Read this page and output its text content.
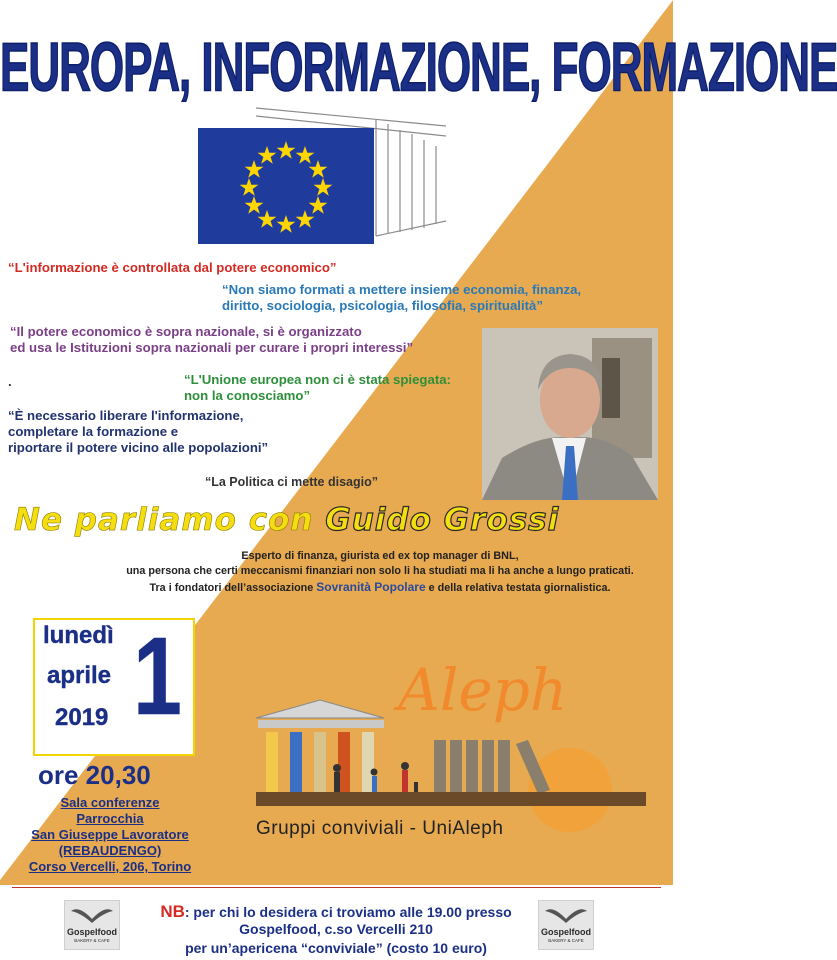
EUROPA, INFORMAZIONE, FORMAZIONE
“L'informazione è controllata dal potere economico”
“Non siamo formati a mettere insieme economia, finanza,
diritto, sociologia, psicologia, filosofia, spiritualità”
“Il potere economico è sopra nazionale, si è organizzato
ed usa le Istituzioni sopra nazionali per curare i propri interessi”
.	“L'Unione europea non ci è stata spiegata:
non la conosciamo”
“È necessario liberare l'informazione,
completare la formazione e
riportare il potere vicino alle popolazioni”
“La Politica ci mette disagio”
Ne parliamo con Guido Grossi
Esperto di finanza, giurista ed ex top manager di BNL,
una persona che certi meccanismi finanziari non solo li ha studiati ma li ha anche a lungo praticati.
Tra i fondatori dell’associazione Sovranità Popolare e della relativa testata giornalistica.
lunedì
aprile
2019 1
ore 20,30
Sala conferenze
Parrocchia
San Giuseppe Lavoratore
(REBAUDENGO)
Corso Vercelli, 206, Torino
Aleph
Gruppi conviviali - UniAleph
Gospelfood
BAKERY & CAFE
Gospelfood
BAKERY & CAFE
NB: per chi lo desidera ci troviamo alle 19.00 presso
Gospelfood, c.so Vercelli 210
per un’apericena “conviviale” (costo 10 euro)
